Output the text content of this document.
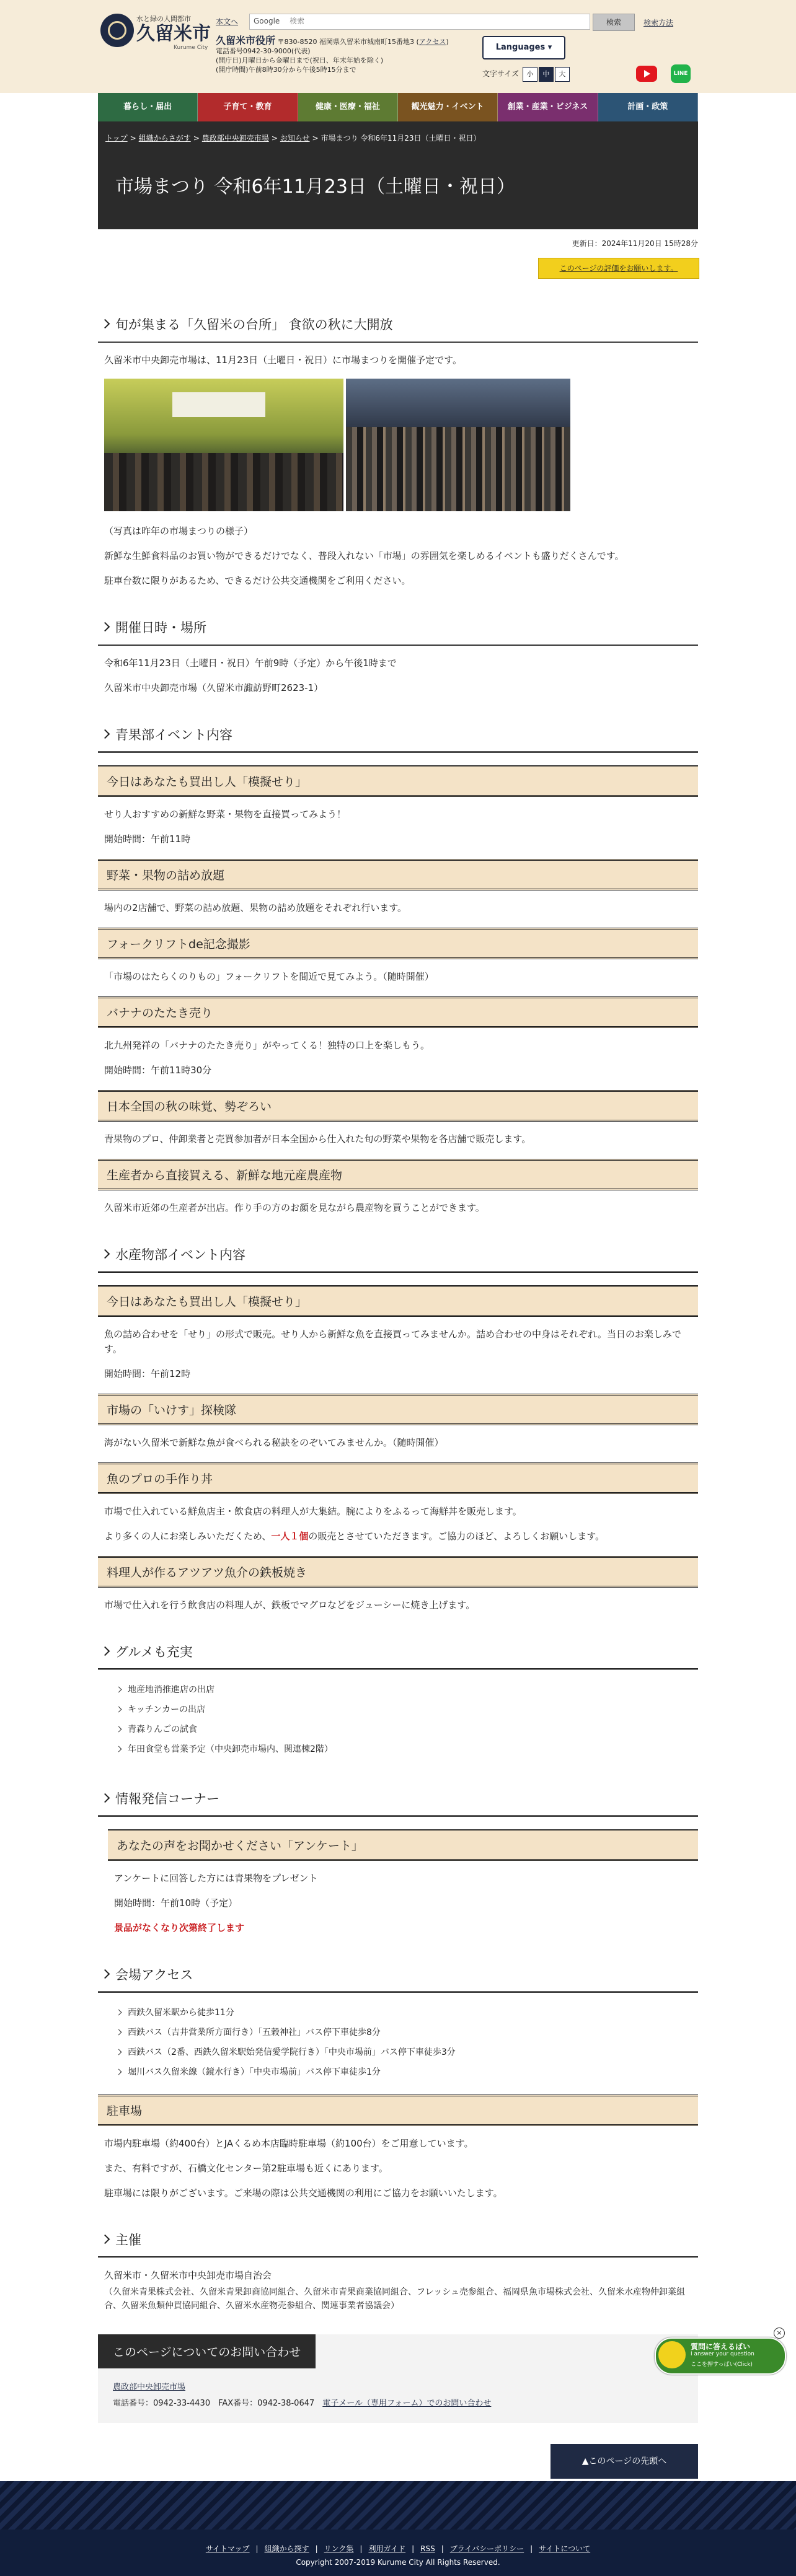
水と緑の人間都市
久留米市
Kurume City
本文へ Google
検索	検索	検索方法
久留米市役所 〒830-8520 福岡県久留米市城南町15番地3 (アクセス)
電話番号0942-30-9000(代表)
(開庁日)月曜日から金曜日まで(祝日、年末年始を除く)
(開庁時間)午前8時30分から午後5時15分まで
Languages ▾
文字サイズ 小 中 大	LINE
暮らし・届出	子育て・教育	健康・医療・福祉	観光魅力・イベント	創業・産業・ビジネス	計画・政策
トップ > 組織からさがす > 農政部中央卸売市場 > お知らせ > 市場まつり 令和6年11月23日（土曜日・祝日）
市場まつり 令和6年11月23日（土曜日・祝日）
更新日：2024年11月20日 15時28分
このページの評価をお願いします。
旬が集まる「久留米の台所」 食欲の秋に大開放

久留米市中央卸売市場は、11月23日（土曜日・祝日）に市場まつりを開催予定です。

（写真は昨年の市場まつりの様子）

新鮮な生鮮食料品のお買い物ができるだけでなく、普段入れない「市場」の雰囲気を楽しめるイベントも盛りだくさんです。

駐車台数に限りがあるため、できるだけ公共交通機関をご利用ください。

開催日時・場所

令和6年11月23日（土曜日・祝日）午前9時（予定）から午後1時まで

久留米市中央卸売市場（久留米市諏訪野町2623-1）

青果部イベント内容
今日はあなたも買出し人「模擬せり」

せり人おすすめの新鮮な野菜・果物を直接買ってみよう！

開始時間：午前11時

野菜・果物の詰め放題

場内の2店舗で、野菜の詰め放題、果物の詰め放題をそれぞれ行います。

フォークリフトde記念撮影

「市場のはたらくのりもの」フォークリフトを間近で見てみよう。（随時開催）

バナナのたたき売り

北九州発祥の「バナナのたたき売り」がやってくる！独特の口上を楽しもう。

開始時間：午前11時30分

日本全国の秋の味覚、勢ぞろい

青果物のプロ、仲卸業者と売買参加者が日本全国から仕入れた旬の野菜や果物を各店舗で販売します。

生産者から直接買える、新鮮な地元産農産物

久留米市近郊の生産者が出店。作り手の方のお顔を見ながら農産物を買うことができます。

水産物部イベント内容
今日はあなたも買出し人「模擬せり」

魚の詰め合わせを「せり」の形式で販売。せり人から新鮮な魚を直接買ってみませんか。詰め合わせの中身はそれぞれ。当日のお楽しみです。

開始時間：午前12時

市場の「いけす」探検隊

海がない久留米で新鮮な魚が食べられる秘訣をのぞいてみませんか。（随時開催）

魚のプロの手作り丼

市場で仕入れている鮮魚店主・飲食店の料理人が大集結。腕によりをふるって海鮮丼を販売します。

より多くの人にお楽しみいただくため、一人１個の販売とさせていただきます。ご協力のほど、よろしくお願いします。

料理人が作るアツアツ魚介の鉄板焼き

市場で仕入れを行う飲食店の料理人が、鉄板でマグロなどをジューシーに焼き上げます。

グルメも充実
地産地消推進店の出店
キッチンカーの出店
青森りんごの試食
年田食堂も営業予定（中央卸売市場内、関連棟2階）
情報発信コーナー
あなたの声をお聞かせください「アンケート」

アンケートに回答した方には青果物をプレゼント

開始時間：午前10時（予定）

景品がなくなり次第終了します

会場アクセス
西鉄久留米駅から徒歩11分
西鉄バス（吉井営業所方面行き）「五穀神社」バス停下車徒歩8分
西鉄バス（2番、西鉄久留米駅始発信愛学院行き）「中央市場前」バス停下車徒歩3分
堀川バス久留米線（鏡水行き）「中央市場前」バス停下車徒歩1分
駐車場

市場内駐車場（約400台）とJAくるめ本店臨時駐車場（約100台）をご用意しています。

また、有料ですが、石橋文化センター第2駐車場も近くにあります。

駐車場には限りがございます。ご来場の際は公共交通機関の利用にご協力をお願いいたします。

主催

久留米市・久留米市中央卸売市場自治会

（久留米青果株式会社、久留米青果卸商協同組合、久留米市青果商業協同組合、フレッシュ売参組合、福岡県魚市場株式会社、久留米水産物仲卸業組合、久留米魚類仲買協同組合、久留米水産物売参組合、関連事業者協議会）

このページについてのお問い合わせ
農政部中央卸売市場
電話番号：0942-33-4430　FAX番号：0942-38-0647　 電子メール（専用フォーム）でのお問い合わせ
質問に答えるばい
I answer your question
ここを押すっばい(Click)
×
▲このページの先頭へ
サイトマップ | 組織から探す | リンク集 | 利用ガイド | RSS | プライバシーポリシー | サイトについて
Copyright 2007-2019 Kurume City All Rights Reserved.
